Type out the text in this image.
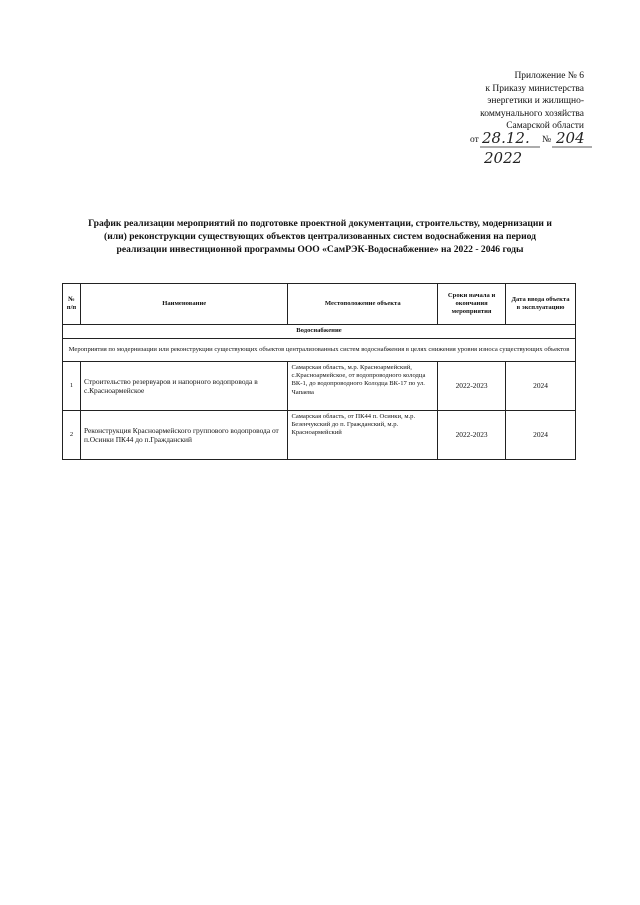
Приложение № 6
к Приказу министерства
энергетики и жилищно-
коммунального хозяйства
Самарской области
от 28.12. № 204
2022
График реализации мероприятий по подготовке проектной документации, строительству, модернизации и
(или) реконструкции существующих объектов централизованных систем водоснабжения на период
реализации инвестиционной программы ООО «СамРЭК-Водоснабжение» на 2022 - 2046 годы
№ п/п	Наименование	Местоположение объекта	Сроки начала и окончания мероприятия	Дата ввода объекта в эксплуатацию
Водоснабжение				
Мероприятия по модернизации или реконструкции существующих объектов централизованных систем водоснабжения в целях снижения уровня износа существующих объектов				
1	Строительство резервуаров и напорного водопровода в с.Красноармейское	Самарская область, м.р. Красноармейский, с.Красноармейское, от водопроводного колодца ВК-1, до водопроводного Колодца ВК-17 по ул. Чапаева	2022-2023	2024
2	Реконструкция Красноармейского группового водопровода от п.Осинки ПК44 до п.Гражданский	Самарская область, от ПК44 п. Осинки, м.р. Безенчукский до п. Гражданский, м.р. Красноармейский	2022-2023	2024
